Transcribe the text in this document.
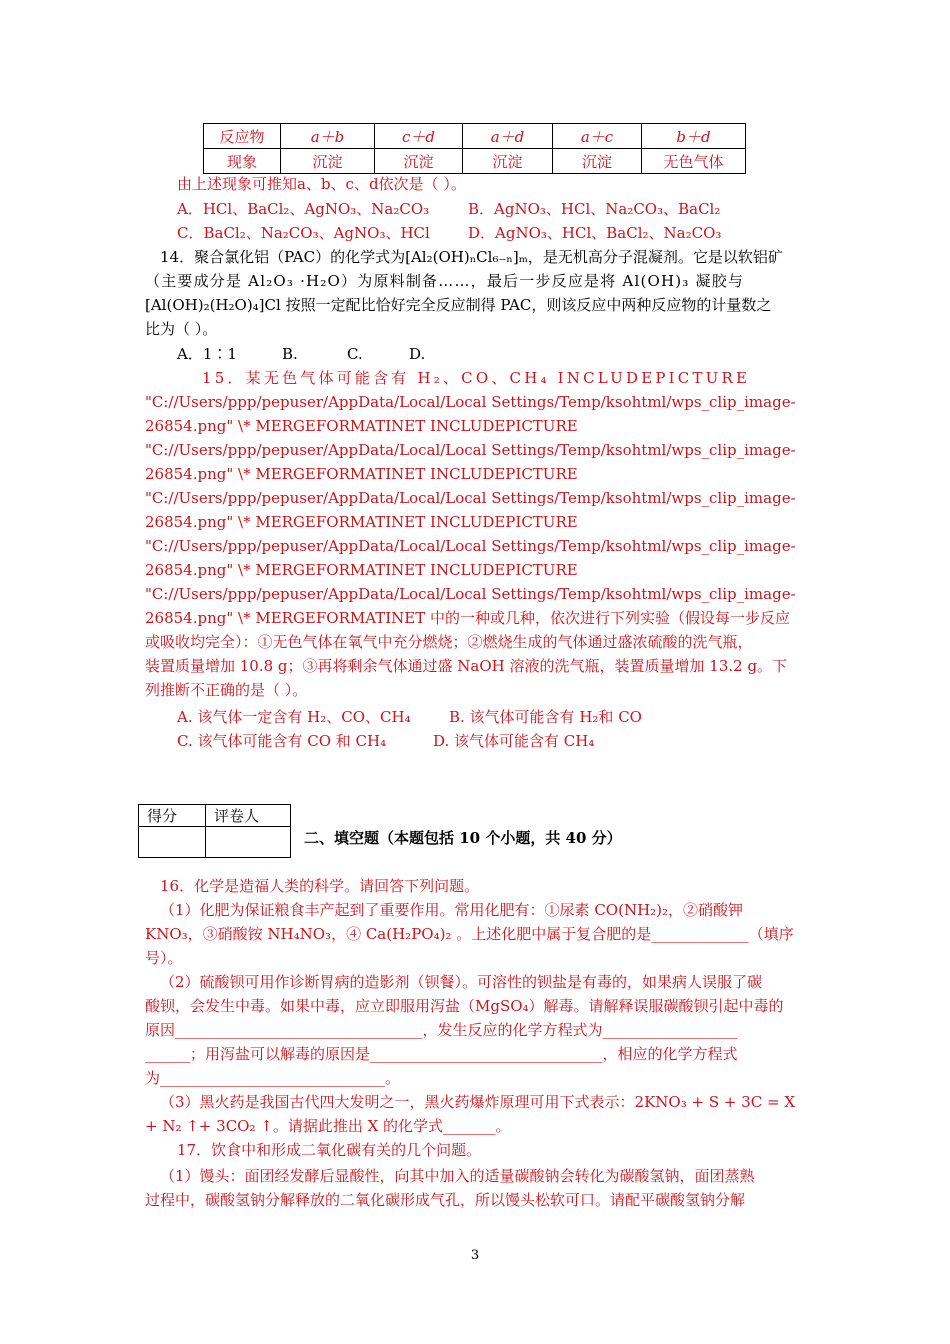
反应物	a＋b	c＋d	a＋d	a＋c	b＋d
现象	沉淀	沉淀	沉淀	沉淀	无色气体
由上述现象可推知a、b、c、d依次是（ ）。
A．HCl、BaCl₂、AgNO₃、Na₂CO₃	B．AgNO₃、HCl、Na₂CO₃、BaCl₂
C．BaCl₂、Na₂CO₃、AgNO₃、HCl	D．AgNO₃、HCl、BaCl₂、Na₂CO₃
14．聚合氯化铝（PAC）的化学式为[Al₂(OH)ₙCl₆₋ₙ]ₘ，是无机高分子混凝剂。它是以软铝矿
（主要成分是 Al₂O₃ ·H₂O）为原料制备……，最后一步反应是将 Al(OH)₃ 凝胶与
[Al(OH)₂(H₂O)₄]Cl 按照一定配比恰好完全反应制得 PAC，则该反应中两种反应物的计量数之
比为（ ）。
A．1∶1	B.	C.	D.
15．某无色气体可能含有 H₂、CO、CH₄ INCLUDEPICTURE
"C://Users/ppp/pepuser/AppData/Local/Local Settings/Temp/ksohtml/wps_clip_image-
26854.png" \* MERGEFORMATINET INCLUDEPICTURE
"C://Users/ppp/pepuser/AppData/Local/Local Settings/Temp/ksohtml/wps_clip_image-
26854.png" \* MERGEFORMATINET INCLUDEPICTURE
"C://Users/ppp/pepuser/AppData/Local/Local Settings/Temp/ksohtml/wps_clip_image-
26854.png" \* MERGEFORMATINET INCLUDEPICTURE
"C://Users/ppp/pepuser/AppData/Local/Local Settings/Temp/ksohtml/wps_clip_image-
26854.png" \* MERGEFORMATINET INCLUDEPICTURE
"C://Users/ppp/pepuser/AppData/Local/Local Settings/Temp/ksohtml/wps_clip_image-
26854.png" \* MERGEFORMATINET 中的一种或几种，依次进行下列实验（假设每一步反应
或吸收均完全）：①无色气体在氧气中充分燃烧；②燃烧生成的气体通过盛浓硫酸的洗气瓶，
装置质量增加 10.8 g；③再将剩余气体通过盛 NaOH 溶液的洗气瓶，装置质量增加 13.2 g。下
列推断不正确的是（ ）。
A. 该气体一定含有 H₂、CO、CH₄	B. 该气体可能含有 H₂和 CO
C. 该气体可能含有 CO 和 CH₄	D. 该气体可能含有 CH₄
得分	评卷人

二、填空题（本题包括 10 个小题，共 40 分）
16．化学是造福人类的科学。请回答下列问题。
（1）化肥为保证粮食丰产起到了重要作用。常用化肥有：①尿素 CO(NH₂)₂，②硝酸钾
KNO₃，③硝酸铵 NH₄NO₃，④ Ca(H₂PO₄)₂ 。上述化肥中属于复合肥的是_____________（填序
号）。
（2）硫酸钡可用作诊断胃病的造影剂（钡餐）。可溶性的钡盐是有毒的，如果病人误服了碳
酸钡，会发生中毒。如果中毒，应立即服用泻盐（MgSO₄）解毒。请解释误服碳酸钡引起中毒的
原因_________________________________，发生反应的化学方程式为__________________
______；用泻盐可以解毒的原因是_______________________________，相应的化学方程式
为______________________________。
（3）黑火药是我国古代四大发明之一，黑火药爆炸原理可用下式表示：2KNO₃ + S + 3C = X
+ N₂ ↑+ 3CO₂ ↑。请据此推出 X 的化学式_______。
17．饮食中和形成二氧化碳有关的几个问题。
（1）馒头：面团经发酵后显酸性，向其中加入的适量碳酸钠会转化为碳酸氢钠，面团蒸熟
过程中，碳酸氢钠分解释放的二氧化碳形成气孔，所以馒头松软可口。请配平碳酸氢钠分解
3
